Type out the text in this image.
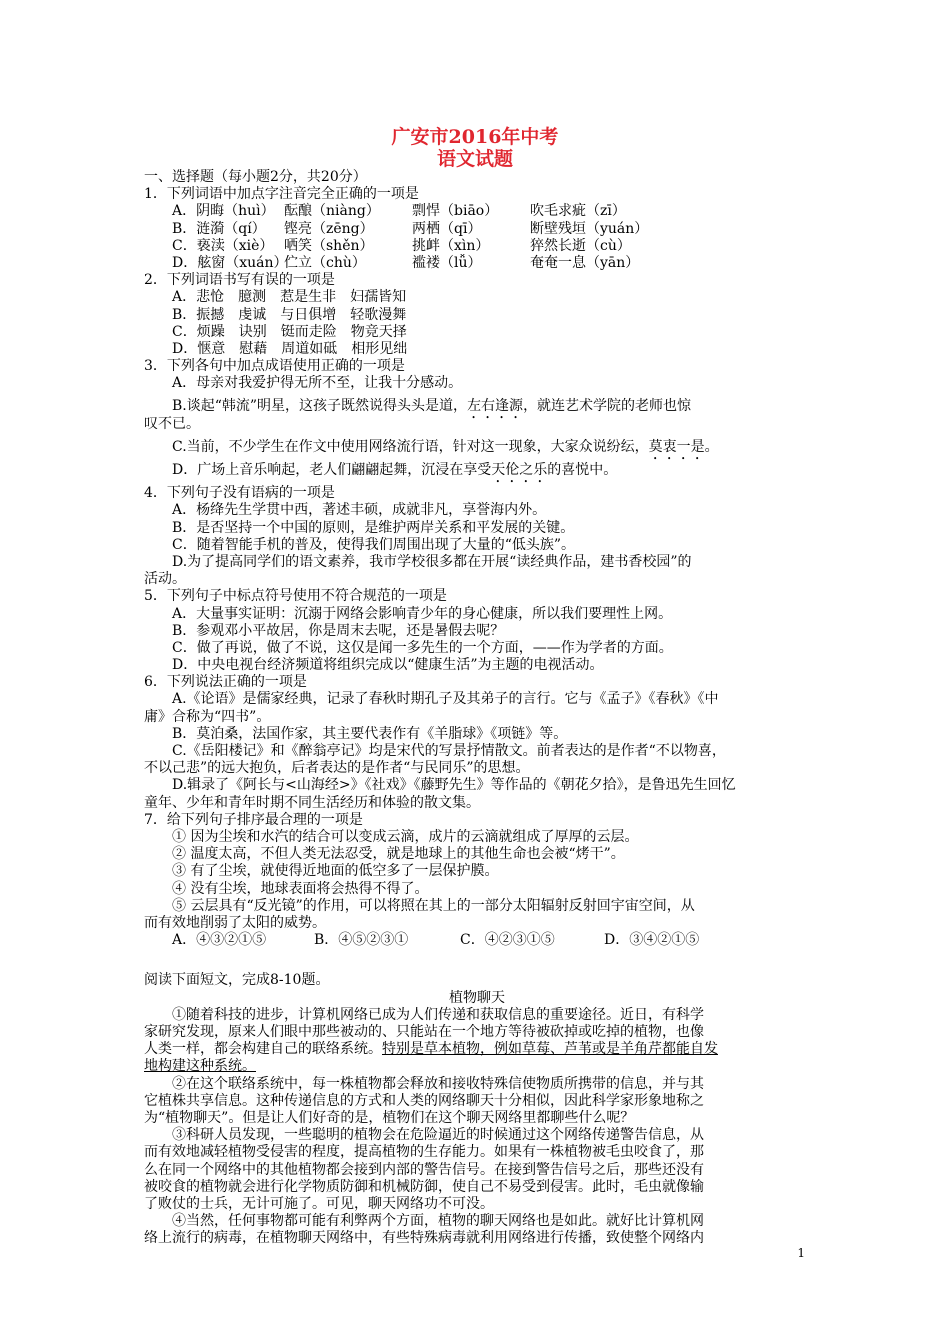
广安市2016年中考
语文试题
一、选择题（每小题2分，共20分）
1．下列词语中加点字注音完全正确的一项是
A．阴晦（huì） 酝酿（niàng） 剽悍（biāo） 吹毛求疵（zī）
B．涟漪（qí） 铿亮（zēng）	两栖（qī）	断壁残垣（yuán）
C．亵渎（xiè） 哂笑（shěn）	挑衅（xìn）	猝然长逝（cù）
D．舷窗（xuán）伫立（chù）	褴褛（lǚ）	奄奄一息（yān）
2．下列词语书写有误的一项是
A．悲怆　臆测　惹是生非　妇孺皆知
B．振撼　虔诚　与日俱增　轻歌漫舞
C．烦躁　诀别　铤而走险　物竞天择
D．惬意　慰藉　周道如砥　相形见绌
3．下列各句中加点成语使用正确的一项是
A．母亲对我爱护得无所不至，让我十分感动。
B.谈起“韩流”明星，这孩子既然说得头头是道，左右逢源，就连艺术学院的老师也惊
叹不已。
C.当前，不少学生在作文中使用网络流行语，针对这一现象，大家众说纷纭，莫衷一是。
D．广场上音乐响起，老人们翩翩起舞，沉浸在享受天伦之乐的喜悦中。
4．下列句子没有语病的一项是
A．杨绛先生学贯中西，著述丰硕，成就非凡，享誉海内外。
B．是否坚持一个中国的原则，是维护两岸关系和平发展的关键。
C．随着智能手机的普及，使得我们周围出现了大量的“低头族”。
D.为了提高同学们的语文素养，我市学校很多都在开展“读经典作品，建书香校园”的
活动。
5．下列句子中标点符号使用不符合规范的一项是
A．大量事实证明：沉溺于网络会影响青少年的身心健康，所以我们要理性上网。
B．参观邓小平故居，你是周末去呢，还是暑假去呢？
C．做了再说，做了不说，这仅是闻一多先生的一个方面，——作为学者的方面。
D．中央电视台经济频道将组织完成以“健康生活”为主题的电视活动。
6．下列说法正确的一项是
A.《论语》是儒家经典，记录了春秋时期孔子及其弟子的言行。它与《孟子》《春秋》《中
庸》合称为“四书”。
B．莫泊桑，法国作家，其主要代表作有《羊脂球》《项链》等。
C.《岳阳楼记》和《醉翁亭记》均是宋代的写景抒情散文。前者表达的是作者“不以物喜，
不以己悲”的远大抱负，后者表达的是作者“与民同乐”的思想。
D.辑录了《阿长与<山海经>》《社戏》《藤野先生》等作品的《朝花夕拾》，是鲁迅先生回忆
童年、少年和青年时期不同生活经历和体验的散文集。
7．给下列句子排序最合理的一项是
① 因为尘埃和水汽的结合可以变成云滴，成片的云滴就组成了厚厚的云层。
② 温度太高，不但人类无法忍受，就是地球上的其他生命也会被“烤干”。
③ 有了尘埃，就使得近地面的低空多了一层保护膜。
④ 没有尘埃，地球表面将会热得不得了。
⑤ 云层具有“反光镜”的作用，可以将照在其上的一部分太阳辐射反射回宇宙空间，从
而有效地削弱了太阳的威势。
A．④③②①⑤	B．④⑤②③①	C．④②③①⑤	D．③④②①⑤
阅读下面短文，完成8-10题。
植物聊天
①随着科技的进步，计算机网络已成为人们传递和获取信息的重要途径。近日，有科学
家研究发现，原来人们眼中那些被动的、只能站在一个地方等待被砍掉或吃掉的植物，也像
人类一样，都会构建自己的联络系统。特别是草本植物，例如草莓、芦苇或是羊角芹都能自发
地构建这种系统。
②在这个联络系统中，每一株植物都会释放和接收特殊信使物质所携带的信息，并与其
它植株共享信息。这种传递信息的方式和人类的网络聊天十分相似，因此科学家形象地称之
为“植物聊天”。但是让人们好奇的是，植物们在这个聊天网络里都聊些什么呢？
③科研人员发现，一些聪明的植物会在危险逼近的时候通过这个网络传递警告信息，从
而有效地减轻植物受侵害的程度，提高植物的生存能力。如果有一株植物被毛虫咬食了，那
么在同一个网络中的其他植物都会接到内部的警告信号。在接到警告信号之后，那些还没有
被咬食的植物就会进行化学物质防御和机械防御，使自己不易受到侵害。此时，毛虫就像输
了败仗的士兵，无计可施了。可见，聊天网络功不可没。
④当然，任何事物都可能有利弊两个方面，植物的聊天网络也是如此。就好比计算机网
络上流行的病毒，在植物聊天网络中，有些特殊病毒就利用网络进行传播，致使整个网络内
1
